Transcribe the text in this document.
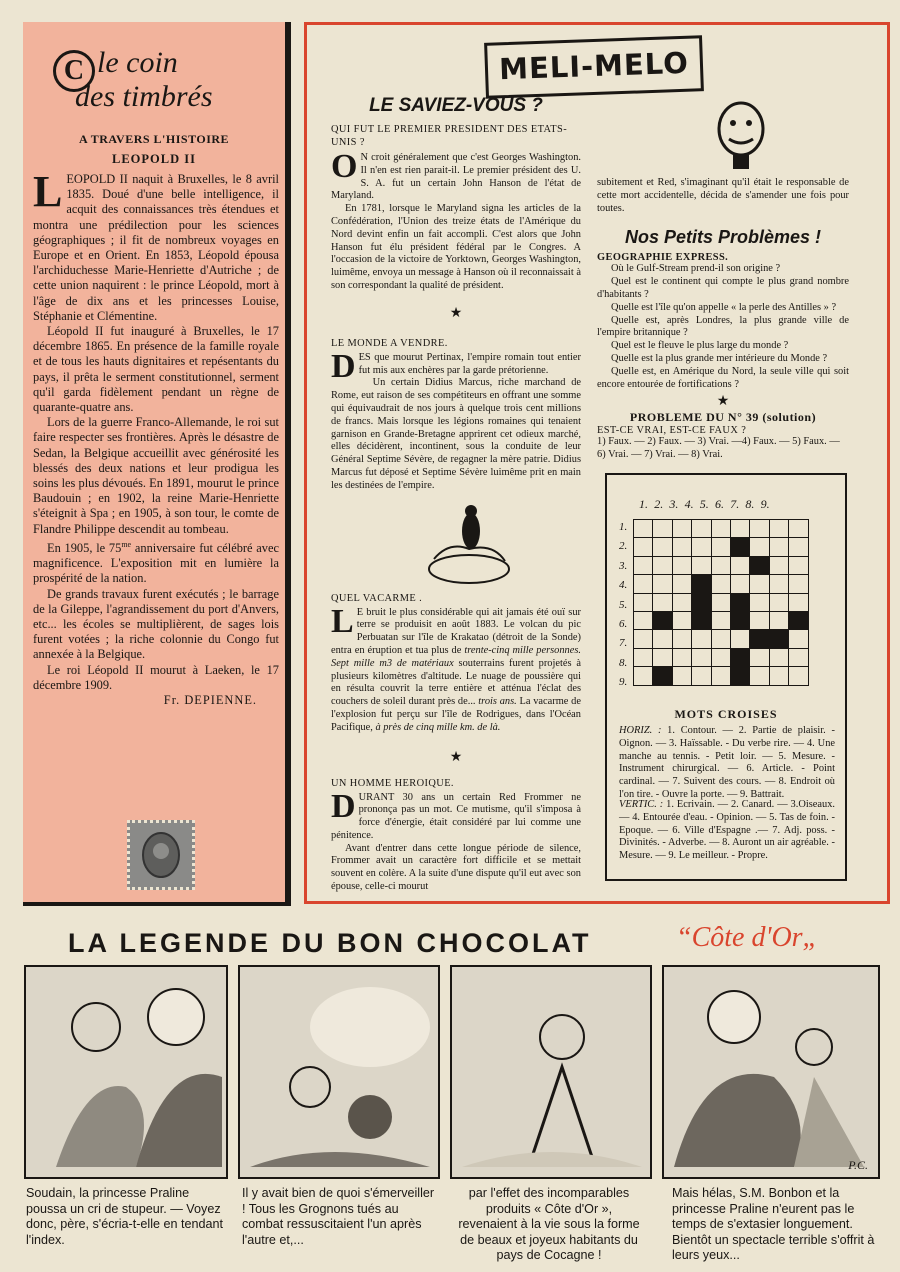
C le coin
des timbrés
A TRAVERS L'HISTOIRE
LEOPOLD II

LEOPOLD II naquit à Bruxelles, le 8 avril 1835. Doué d'une belle intelligence, il acquit des connaissances très étendues et montra une prédilection pour les sciences géographiques ; il fit de nombreux voyages en Europe et en Orient. En 1853, Léopold épousa l'archiduchesse Marie-Henriette d'Autriche ; de cette union naquirent : le prince Léopold, mort à l'âge de dix ans et les princesses Louise, Stéphanie et Clémentine.

Léopold II fut inauguré à Bruxelles, le 17 décembre 1865. En présence de la famille royale et de tous les hauts dignitaires et repésentants du pays, il prêta le serment constitutionnel, serment qu'il garda fidèlement pendant un règne de quarante-quatre ans.

Lors de la guerre Franco-Allemande, le roi sut faire respecter ses frontières. Après le désastre de Sedan, la Belgique accueillit avec générosité les blessés des deux nations et leur prodigua les soins les plus dévoués. En 1891, mourut le prince Baudouin ; en 1902, la reine Marie-Henriette s'éteignit à Spa ; en 1905, à son tour, le comte de Flandre Philippe descendit au tombeau.

En 1905, le $75^{me}$ anniversaire fut célébré avec magnificence. L'exposition mit en lumière la prospérité de la nation.

De grands travaux furent exécutés ; le barrage de la Gileppe, l'agrandissement du port d'Anvers, etc... les écoles se multiplièrent, de sages lois furent votées ; la riche colonnie du Congo fut annexée à la Belgique.

Le roi Léopold II mourut à Laeken, le 17 décembre 1909.

Fr. DEPIENNE.

MELI-MELO
LE SAVIEZ-VOUS ?

QUI FUT LE PREMIER PRESIDENT DES ETATS-UNIS ?

O N croit généralement que c'est Georges Washington. Il n'en est rien parait-il. Le premier président des U. S. A. fut un certain John Hanson de l'état de Maryland.

En 1781, lorsque le Maryland signa les articles de la Confédération, l'Union des treize états de l'Amérique du Nord devint enfin un fait accompli. C'est alors que John Hanson fut élu président fédéral par le Congres. A l'occasion de la victoire de Yorktown, Georges Washington, luimême, envoya un message à Hanson où il reconnaissait à son correspondant la qualité de président.

★

LE MONDE A VENDRE.

DES que mourut Pertinax, l'empire romain tout entier fut mis aux enchères par la garde prétorienne.

Un certain Didius Marcus, riche marchand de Rome, eut raison de ses compétiteurs en offrant une somme qui équivaudrait de nos jours à quelque trois cent millions de francs. Mais lorsque les légions romaines qui tenaient garnison en Grande-Bretagne apprirent cet odieux marché, elles décidèrent, incontinent, sous la conduite de leur Général Septime Sévère, de regagner la mère patrie. Didius Marcus fut déposé et Septime Sévère luimême prit en main les destinées de l'empire.

QUEL VACARME .

L E bruit le plus considérable qui ait jamais été ouï sur terre se produisit en août 1883. Le volcan du pic Perbuatan sur l'île de Krakatao (détroit de la Sonde) entra en éruption et tua plus de trente-cinq mille personnes. Sept mille m3 de matériaux souterrains furent projetés à plusieurs kilomètres d'altitude. Le nuage de poussière qui en résulta couvrit la terre entière et atténua l'éclat des couchers de soleil durant près de... trois ans. La vacarme de l'explosion fut perçu sur l'île de Rodrigues, dans l'Océan Pacifique, à près de cinq mille km. de là.

★

UN HOMME HEROIQUE.

DURANT 30 ans un certain Red Frommer ne prononça pas un mot. Ce mutisme, qu'il s'imposa à force d'énergie, était considéré par lui comme une pénitence.

Avant d'entrer dans cette longue période de silence, Frommer avait un caractère fort difficile et se mettait souvent en colère. A la suite d'une dispute qu'il eut avec son épouse, celle-ci mourut

subitement et Red, s'imaginant qu'il était le responsable de cette mort accidentelle, décida de s'amender une fois pour toutes.

Nos Petits Problèmes !

GEOGRAPHIE EXPRESS.

Où le Gulf-Stream prend-il son origine ?

Quel est le continent qui compte le plus grand nombre d'habitants ?

Quelle est l'île qu'on appelle « la perle des Antilles » ?

Quelle est, après Londres, la plus grande ville de l'empire britannique ?

Quel est le fleuve le plus large du monde ?

Quelle est la plus grande mer intérieure du Monde ?

Quelle est, en Amérique du Nord, la seule ville qui soit encore entourée de fortifications ?

★

PROBLEME DU N° 39 (solution)

EST-CE VRAI, EST-CE FAUX ?

1) Faux. — 2) Faux. — 3) Vrai. —4) Faux. — 5) Faux. — 6) Vrai. — 7) Vrai. — 8) Vrai.

1. 2. 3. 4. 5. 6. 7. 8. 9.
1.
2.
3.
4.
5.
6.
7.
8.
9.

MOTS CROISES
HORIZ. : 1. Contour. — 2. Partie de plaisir. - Oignon. — 3. Haïssable. - Du verbe rire. — 4. Une manche au tennis. - Petit loir. — 5. Mesure. - Instrument chirurgical. — 6. Article. - Point cardinal. — 7. Suivent des cours. — 8. Endroit où l'on tire. - Ouvre la porte. — 9. Battrait.
VERTIC. : 1. Ecrivain. — 2. Canard. — 3.Oiseaux. — 4. Entourée d'eau. - Opinion. — 5. Tas de foin. - Epoque. — 6. Ville d'Espagne .— 7. Adj. poss. - Divinités. - Adverbe. — 8. Auront un air agréable. - Mesure. — 9. Le meilleur. - Propre.
LA LEGENDE DU BON CHOCOLAT	“Côte d'Or„
P.C.
Soudain, la princesse Praline poussa un cri de stupeur. — Voyez donc, père, s'écria-t-elle en tendant l'index.
Il y avait bien de quoi s'émerveiller ! Tous les Grognons tués au combat ressuscitaient l'un après l'autre et,...
par l'effet des incomparables produits « Côte d'Or », revenaient à la vie sous la forme de beaux et joyeux habitants du pays de Cocagne !
Mais hélas, S.M. Bonbon et la princesse Praline n'eurent pas le temps de s'extasier longuement. Bientôt un spectacle terrible s'offrit à leurs yeux...
